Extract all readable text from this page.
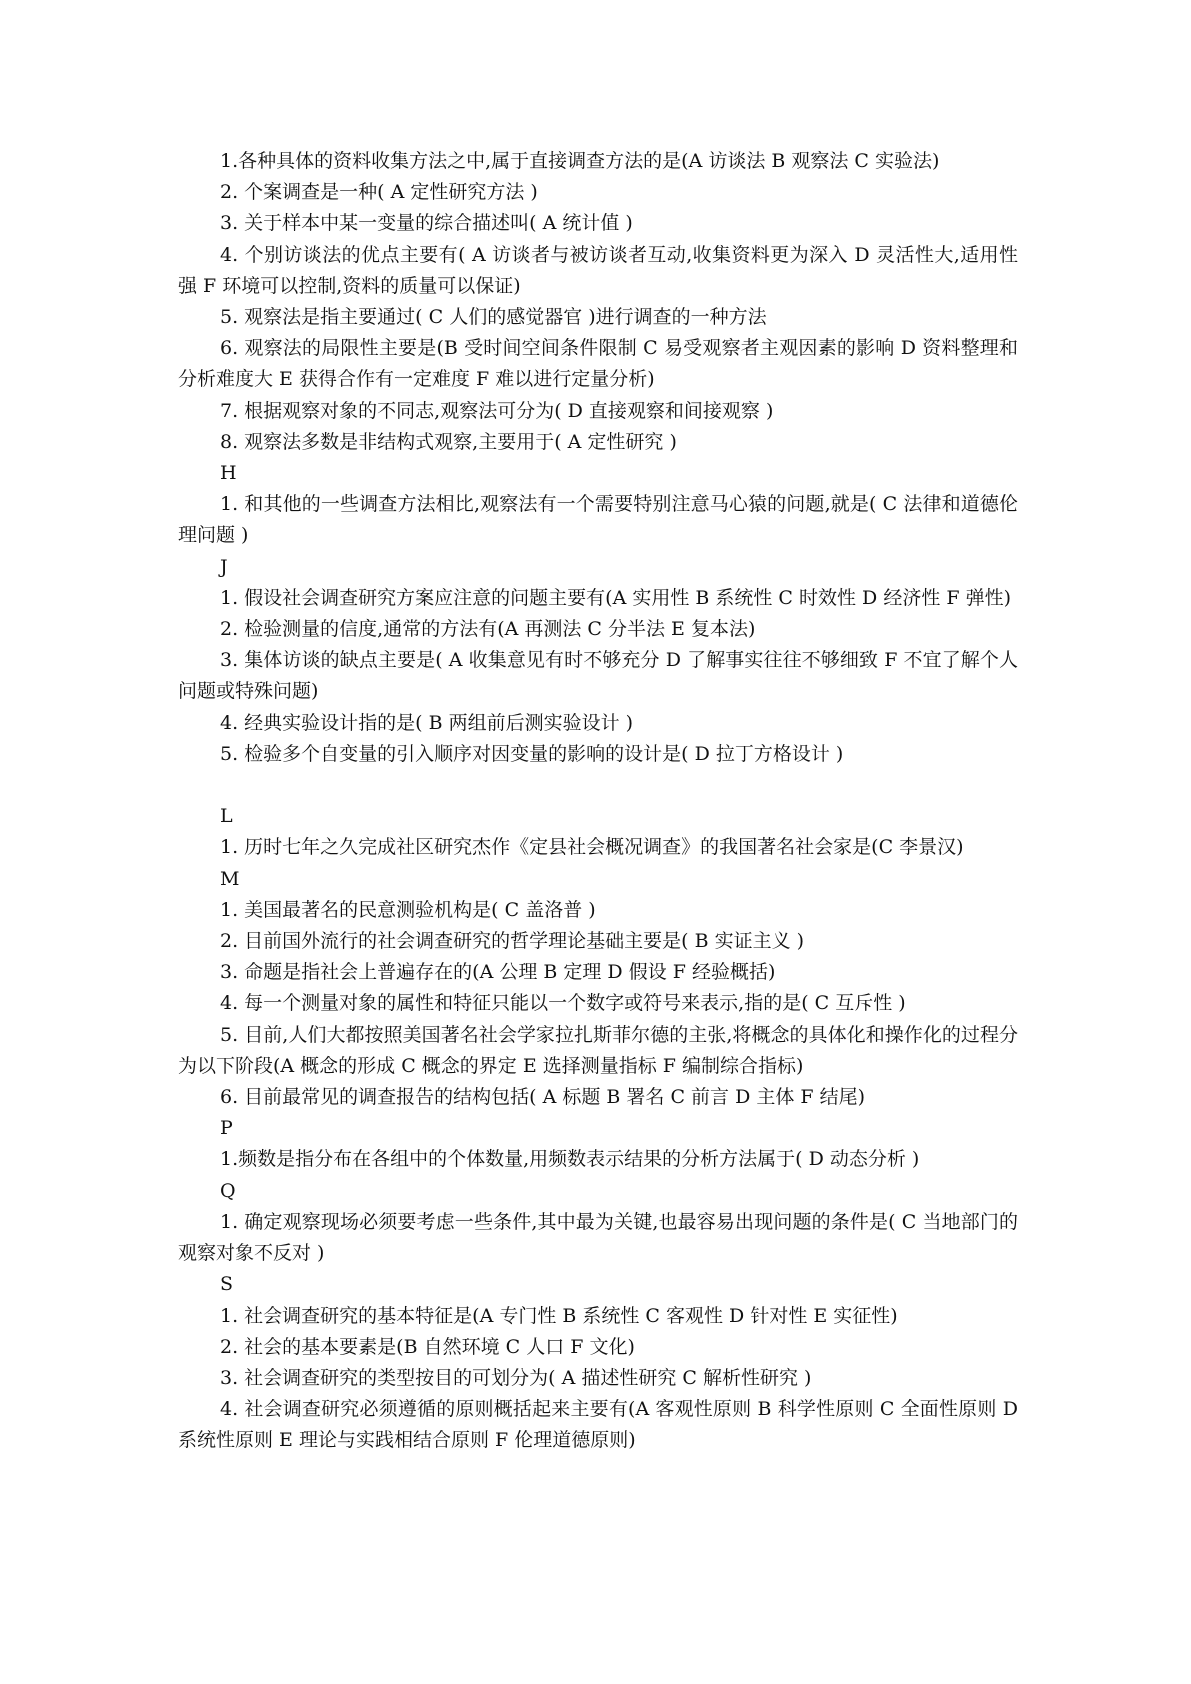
1.各种具体的资料收集方法之中,属于直接调查方法的是(A 访谈法 B 观察法 C 实验法)
2. 个案调查是一种( A 定性研究方法 )
3. 关于样本中某一变量的综合描述叫( A 统计值 )
4. 个别访谈法的优点主要有( A 访谈者与被访谈者互动,收集资料更为深入 D 灵活性大,适用性强 F 环境可以控制,资料的质量可以保证)
5. 观察法是指主要通过( C 人们的感觉器官 )进行调查的一种方法
6. 观察法的局限性主要是(B 受时间空间条件限制 C 易受观察者主观因素的影响 D 资料整理和分析难度大 E 获得合作有一定难度 F 难以进行定量分析)
7. 根据观察对象的不同志,观察法可分为( D 直接观察和间接观察 )
8. 观察法多数是非结构式观察,主要用于( A 定性研究 )
H
1. 和其他的一些调查方法相比,观察法有一个需要特别注意马心猿的问题,就是( C 法律和道德伦理问题 )
J
1. 假设社会调查研究方案应注意的问题主要有(A 实用性 B 系统性 C 时效性 D 经济性 F 弹性)
2. 检验测量的信度,通常的方法有(A 再测法 C 分半法 E 复本法)
3. 集体访谈的缺点主要是( A 收集意见有时不够充分 D 了解事实往往不够细致 F 不宜了解个人问题或特殊问题)
4. 经典实验设计指的是( B 两组前后测实验设计 )
5. 检验多个自变量的引入顺序对因变量的影响的设计是( D 拉丁方格设计 )
L
1. 历时七年之久完成社区研究杰作《定县社会概况调查》的我国著名社会家是(C 李景汉)
M
1. 美国最著名的民意测验机构是( C 盖洛普 )
2. 目前国外流行的社会调查研究的哲学理论基础主要是( B 实证主义 )
3. 命题是指社会上普遍存在的(A 公理 B 定理 D 假设 F 经验概括)
4. 每一个测量对象的属性和特征只能以一个数字或符号来表示,指的是( C 互斥性 )
5. 目前,人们大都按照美国著名社会学家拉扎斯菲尔德的主张,将概念的具体化和操作化的过程分为以下阶段(A 概念的形成 C 概念的界定 E 选择测量指标 F 编制综合指标)
6. 目前最常见的调查报告的结构包括( A 标题 B 署名 C 前言 D 主体 F 结尾)
P
1.频数是指分布在各组中的个体数量,用频数表示结果的分析方法属于( D 动态分析 )
Q
1. 确定观察现场必须要考虑一些条件,其中最为关键,也最容易出现问题的条件是( C 当地部门的观察对象不反对 )
S
1. 社会调查研究的基本特征是(A 专门性 B 系统性 C 客观性 D 针对性 E 实征性)
2. 社会的基本要素是(B 自然环境 C 人口 F 文化)
3. 社会调查研究的类型按目的可划分为( A 描述性研究 C 解析性研究 )
4. 社会调查研究必须遵循的原则概括起来主要有(A 客观性原则 B 科学性原则 C 全面性原则 D 系统性原则 E 理论与实践相结合原则 F 伦理道德原则)
